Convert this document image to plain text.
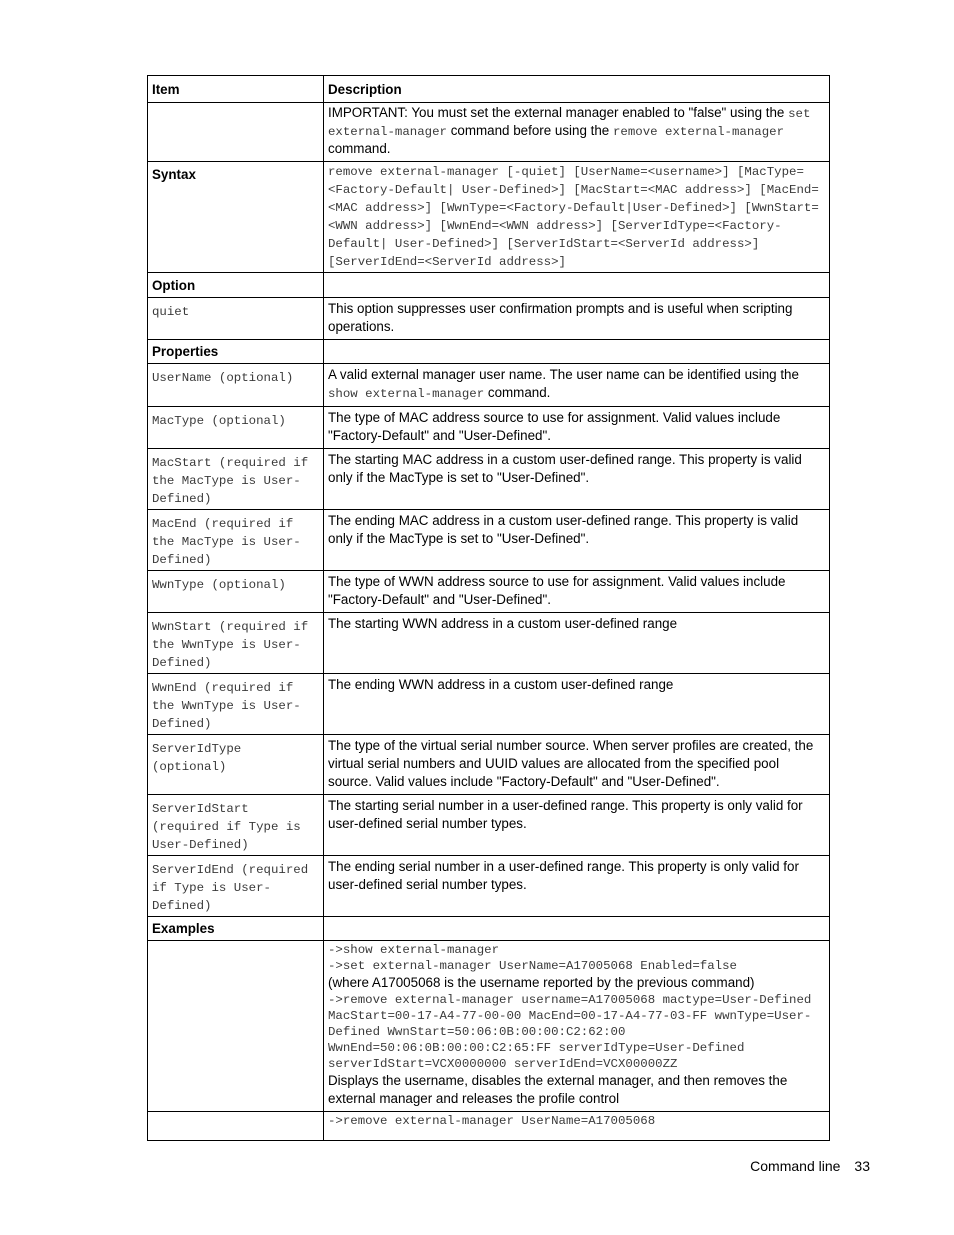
Item	Description
	IMPORTANT: You must set the external manager enabled to "false" using the set external-manager command before using the remove external-manager command.
Syntax	remove external-manager [-quiet] [UserName=<username>] [MacType=<Factory-Default| User-Defined>] [MacStart=<MAC address>] [MacEnd=<MAC address>] [WwnType=<Factory-Default|User-Defined>] [WwnStart=<WWN address>] [WwnEnd=<WWN address>] [ServerIdType=<Factory-Default| User-Defined>] [ServerIdStart=<ServerId address>] [ServerIdEnd=<ServerId address>]
Option	
quiet	This option suppresses user confirmation prompts and is useful when scripting operations.
Properties	
UserName (optional)	A valid external manager user name. The user name can be identified using the show external-manager command.
MacType (optional)	The type of MAC address source to use for assignment. Valid values include "Factory-Default" and "User-Defined".
MacStart (required if the MacType is User-Defined)	The starting MAC address in a custom user-defined range. This property is valid only if the MacType is set to "User-Defined".
MacEnd (required if the MacType is User-Defined)	The ending MAC address in a custom user-defined range. This property is valid only if the MacType is set to "User-Defined".
WwnType (optional)	The type of WWN address source to use for assignment. Valid values include "Factory-Default" and "User-Defined".
WwnStart (required if the WwnType is User-Defined)	The starting WWN address in a custom user-defined range
WwnEnd (required if the WwnType is User-Defined)	The ending WWN address in a custom user-defined range
ServerIdType (optional)	The type of the virtual serial number source. When server profiles are created, the virtual serial numbers and UUID values are allocated from the specified pool source. Valid values include "Factory-Default" and "User-Defined".
ServerIdStart (required if Type is User-Defined)	The starting serial number in a user-defined range. This property is only valid for user-defined serial number types.
ServerIdEnd (required if Type is User-Defined)	The ending serial number in a user-defined range. This property is only valid for user-defined serial number types.
Examples	

	->show external-manager
->set external-manager UserName=A17005068 Enabled=false
(where A17005068 is the username reported by the previous command)
->remove external-manager username=A17005068 mactype=User-Defined MacStart=00-17-A4-77-00-00 MacEnd=00-17-A4-77-03-FF wwnType=User-Defined WwnStart=50:06:0B:00:00:C2:62:00 WwnEnd=50:06:0B:00:00:C2:65:FF serverIdType=User-Defined serverIdStart=VCX0000000 serverIdEnd=VCX00000ZZ
Displays the username, disables the external manager, and then removes the external manager and releases the profile control

	->remove external-manager UserName=A17005068
Command line 33
